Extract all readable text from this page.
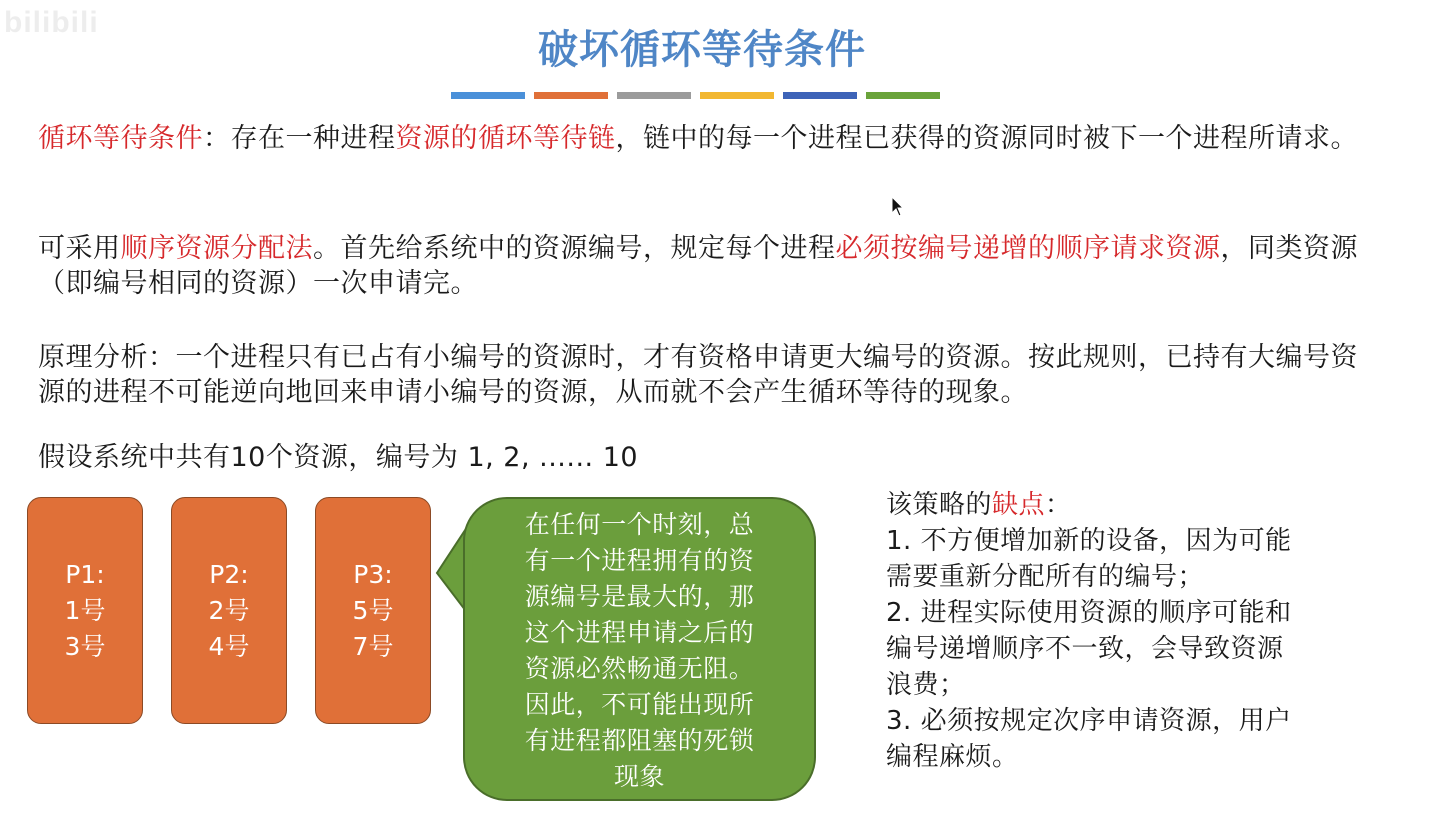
bilibili
破坏循环等待条件
循环等待条件：存在一种进程资源的循环等待链，链中的每一个进程已获得的资源同时被下一个进程所请求。
可采用顺序资源分配法。首先给系统中的资源编号，规定每个进程必须按编号递增的顺序请求资源，同类资源（即编号相同的资源）一次申请完。
原理分析：一个进程只有已占有小编号的资源时，才有资格申请更大编号的资源。按此规则，已持有大编号资源的进程不可能逆向地回来申请小编号的资源，从而就不会产生循环等待的现象。
假设系统中共有10个资源，编号为 1, 2, ...... 10
P1:
1号
3号
P2:
2号
4号
P3:
5号
7号
在任何一个时刻，总
有一个进程拥有的资
源编号是最大的，那
这个进程申请之后的
资源必然畅通无阻。
因此，不可能出现所
有进程都阻塞的死锁
现象
该策略的缺点：
1. 不方便增加新的设备，因为可能
需要重新分配所有的编号；
2. 进程实际使用资源的顺序可能和
编号递增顺序不一致，会导致资源
浪费；
3. 必须按规定次序申请资源，用户
编程麻烦。
